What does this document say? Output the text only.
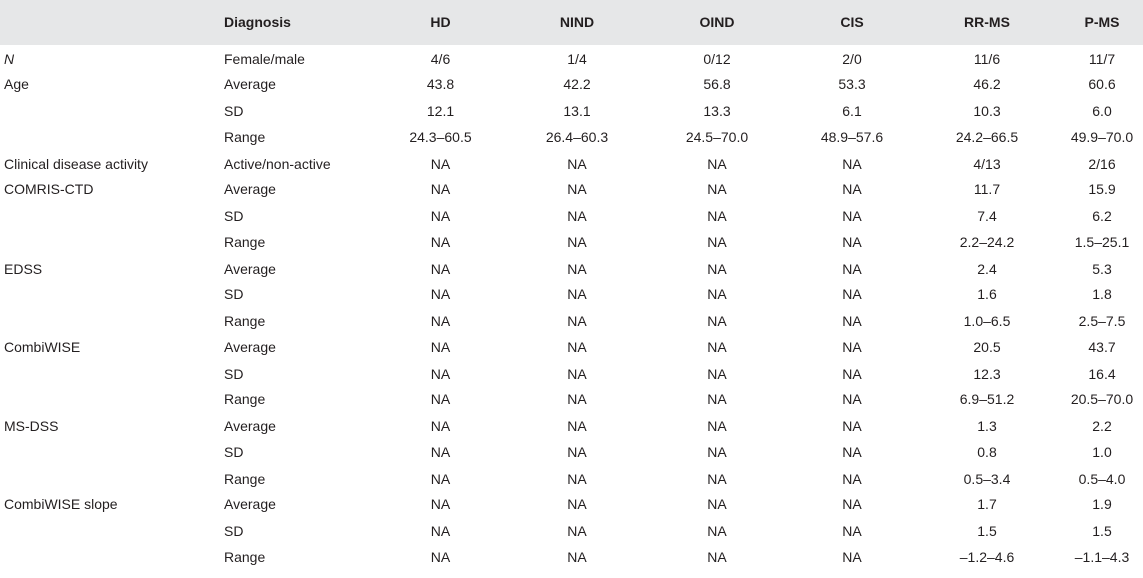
	Diagnosis	HD	NIND	OIND	CIS	RR-MS	P-MS
N	Female/male	4/6	1/4	0/12	2/0	11/6	11/7
Age	Average	43.8	42.2	56.8	53.3	46.2	60.6
	SD	12.1	13.1	13.3	6.1	10.3	6.0
	Range	24.3–60.5	26.4–60.3	24.5–70.0	48.9–57.6	24.2–66.5	49.9–70.0
Clinical disease activity	Active/non-active	NA	NA	NA	NA	4/13	2/16
COMRIS-CTD	Average	NA	NA	NA	NA	11.7	15.9
	SD	NA	NA	NA	NA	7.4	6.2
	Range	NA	NA	NA	NA	2.2–24.2	1.5–25.1
EDSS	Average	NA	NA	NA	NA	2.4	5.3
	SD	NA	NA	NA	NA	1.6	1.8
	Range	NA	NA	NA	NA	1.0–6.5	2.5–7.5
CombiWISE	Average	NA	NA	NA	NA	20.5	43.7
	SD	NA	NA	NA	NA	12.3	16.4
	Range	NA	NA	NA	NA	6.9–51.2	20.5–70.0
MS-DSS	Average	NA	NA	NA	NA	1.3	2.2
	SD	NA	NA	NA	NA	0.8	1.0
	Range	NA	NA	NA	NA	0.5–3.4	0.5–4.0
CombiWISE slope	Average	NA	NA	NA	NA	1.7	1.9
	SD	NA	NA	NA	NA	1.5	1.5
	Range	NA	NA	NA	NA	–1.2–4.6	–1.1–4.3
